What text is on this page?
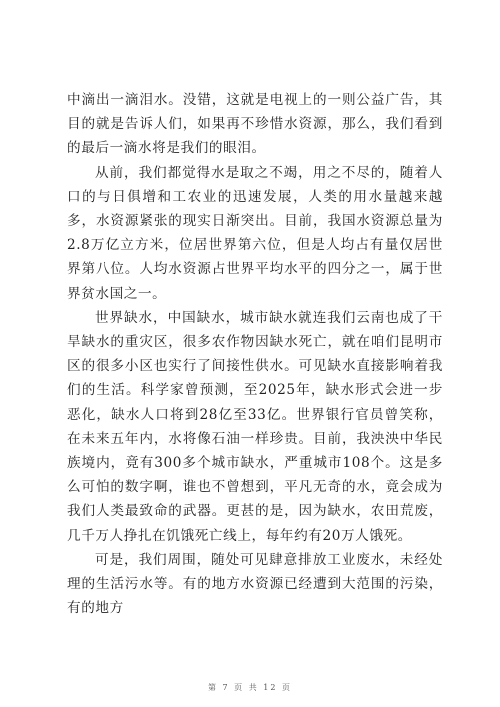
中滴出一滴泪水。没错，这就是电视上的一则公益广告，其目的就是告诉人们，如果再不珍惜水资源，那么，我们看到的最后一滴水将是我们的眼泪。

从前，我们都觉得水是取之不竭，用之不尽的，随着人口的与日俱增和工农业的迅速发展，人类的用水量越来越多，水资源紧张的现实日渐突出。目前，我国水资源总量为2.8万亿立方米，位居世界第六位，但是人均占有量仅居世界第八位。人均水资源占世界平均水平的四分之一，属于世界贫水国之一。

世界缺水，中国缺水，城市缺水就连我们云南也成了干旱缺水的重灾区，很多农作物因缺水死亡，就在咱们昆明市区的很多小区也实行了间接性供水。可见缺水直接影响着我们的生活。科学家曾预测，至2025年，缺水形式会进一步恶化，缺水人口将到28亿至33亿。世界银行官员曾笑称，在未来五年内，水将像石油一样珍贵。目前，我泱泱中华民族境内，竟有300多个城市缺水，严重城市108个。这是多么可怕的数字啊，谁也不曾想到，平凡无奇的水，竟会成为我们人类最致命的武器。更甚的是，因为缺水，农田荒废，几千万人挣扎在饥饿死亡线上，每年约有20万人饿死。

可是，我们周围，随处可见肆意排放工业废水，未经处理的生活污水等。有的地方水资源已经遭到大范围的污染，有的地方

第 7 页 共 12 页
